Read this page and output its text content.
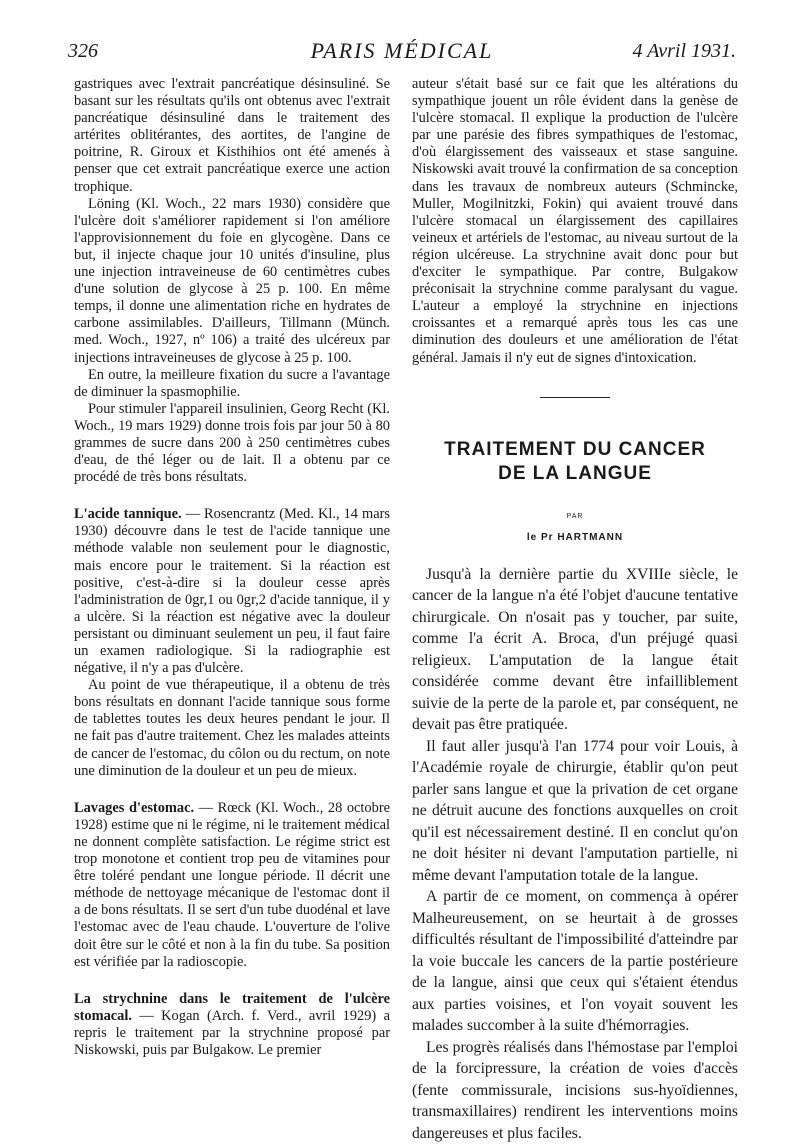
326	PARIS MÉDICAL	4 Avril 1931.

gastriques avec l'extrait pancréatique désinsuliné. Se basant sur les résultats qu'ils ont obtenus avec l'extrait pancréatique désinsuliné dans le traitement des artérites oblitérantes, des aortites, de l'angine de poitrine, R. Giroux et Kisthihios ont été amenés à penser que cet extrait pancréatique exerce une action trophique.

Löning (Kl. Woch., 22 mars 1930) considère que l'ulcère doit s'améliorer rapidement si l'on améliore l'approvisionnement du foie en glycogène. Dans ce but, il injecte chaque jour 10 unités d'insuline, plus une injection intraveineuse de 60 centimètres cubes d'une solution de glycose à 25 p. 100. En même temps, il donne une alimentation riche en hydrates de carbone assimilables. D'ailleurs, Tillmann (Münch. med. Woch., 1927, nº 106) a traité des ulcéreux par injections intraveineuses de glycose à 25 p. 100.

En outre, la meilleure fixation du sucre a l'avantage de diminuer la spasmophilie.

Pour stimuler l'appareil insulinien, Georg Recht (Kl. Woch., 19 mars 1929) donne trois fois par jour 50 à 80 grammes de sucre dans 200 à 250 centimètres cubes d'eau, de thé léger ou de lait. Il a obtenu par ce procédé de très bons résultats.

L'acide tannique. — Rosencrantz (Med. Kl., 14 mars 1930) découvre dans le test de l'acide tannique une méthode valable non seulement pour le diagnostic, mais encore pour le traitement. Si la réaction est positive, c'est-à-dire si la douleur cesse après l'administration de 0gr,1 ou 0gr,2 d'acide tannique, il y a ulcère. Si la réaction est négative avec la douleur persistant ou diminuant seulement un peu, il faut faire un examen radiologique. Si la radiographie est négative, il n'y a pas d'ulcère.

Au point de vue thérapeutique, il a obtenu de très bons résultats en donnant l'acide tannique sous forme de tablettes toutes les deux heures pendant le jour. Il ne fait pas d'autre traitement. Chez les malades atteints de cancer de l'estomac, du côlon ou du rectum, on note une diminution de la douleur et un peu de mieux.

Lavages d'estomac. — Rœck (Kl. Woch., 28 octobre 1928) estime que ni le régime, ni le traitement médical ne donnent complète satisfaction. Le régime strict est trop monotone et contient trop peu de vitamines pour être toléré pendant une longue période. Il décrit une méthode de nettoyage mécanique de l'estomac dont il a de bons résultats. Il se sert d'un tube duodénal et lave l'estomac avec de l'eau chaude. L'ouverture de l'olive doit être sur le côté et non à la fin du tube. Sa position est vérifiée par la radioscopie.

La strychnine dans le traitement de l'ulcère stomacal. — Kogan (Arch. f. Verd., avril 1929) a repris le traitement par la strychnine proposé par Niskowski, puis par Bulgakow. Le premier

auteur s'était basé sur ce fait que les altérations du sympathique jouent un rôle évident dans la genèse de l'ulcère stomacal. Il explique la production de l'ulcère par une parésie des fibres sympathiques de l'estomac, d'où élargissement des vaisseaux et stase sanguine. Niskowski avait trouvé la confirmation de sa conception dans les travaux de nombreux auteurs (Schmincke, Muller, Mogilnitzki, Fokin) qui avaient trouvé dans l'ulcère stomacal un élargissement des capillaires veineux et artériels de l'estomac, au niveau surtout de la région ulcéreuse. La strychnine avait donc pour but d'exciter le sympathique. Par contre, Bulgakow préconisait la strychnine comme paralysant du vague. L'auteur a employé la strychnine en injections croissantes et a remarqué après tous les cas une diminution des douleurs et une amélioration de l'état général. Jamais il n'y eut de signes d'intoxication.

TRAITEMENT DU CANCER

DE LA LANGUE

PAR

le Pr HARTMANN

Jusqu'à la dernière partie du XVIIIe siècle, le cancer de la langue n'a été l'objet d'aucune tentative chirurgicale. On n'osait pas y toucher, par suite, comme l'a écrit A. Broca, d'un préjugé quasi religieux. L'amputation de la langue était considérée comme devant être infailliblement suivie de la perte de la parole et, par conséquent, ne devait pas être pratiquée.

Il faut aller jusqu'à l'an 1774 pour voir Louis, à l'Académie royale de chirurgie, établir qu'on peut parler sans langue et que la privation de cet organe ne détruit aucune des fonctions auxquelles on croit qu'il est nécessairement destiné. Il en conclut qu'on ne doit hésiter ni devant l'amputation partielle, ni même devant l'amputation totale de la langue.

A partir de ce moment, on commença à opérer Malheureusement, on se heurtait à de grosses difficultés résultant de l'impossibilité d'atteindre par la voie buccale les cancers de la partie postérieure de la langue, ainsi que ceux qui s'étaient étendus aux parties voisines, et l'on voyait souvent les malades succomber à la suite d'hémorragies.

Les progrès réalisés dans l'hémostase par l'emploi de la forcipressure, la création de voies d'accès (fente commissurale, incisions sus-hyoïdiennes, transmaxillaires) rendirent les interventions moins dangereuses et plus faciles.
